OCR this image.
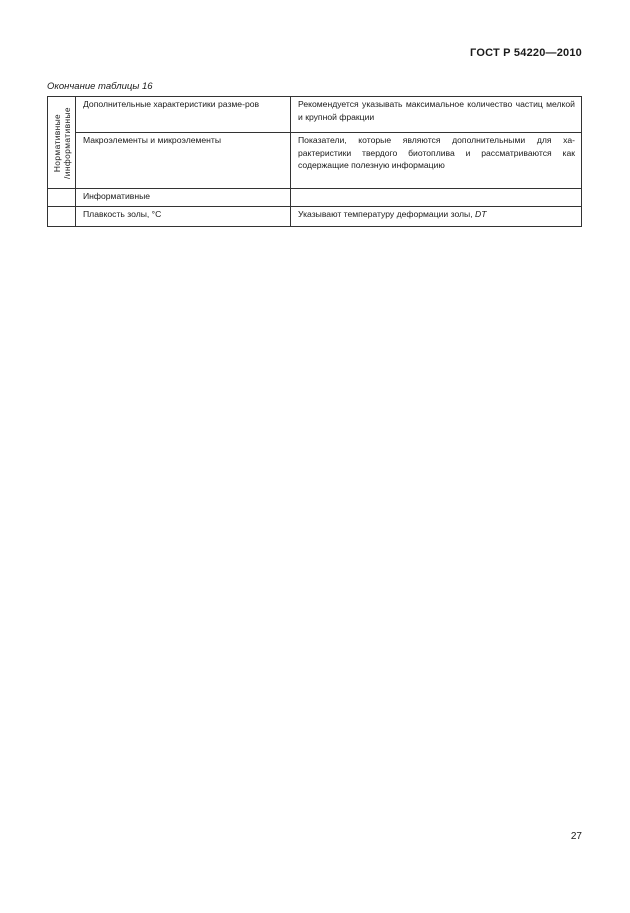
ГОСТ Р 54220—2010
Окончание таблицы 16
Нормативные /информативные	Дополнительные характеристики разме-ров	Рекомендуется указывать максимальное количество частиц мелкой и крупной фракции
	Макроэлементы и микроэлементы	Показатели, которые являются дополнительными для ха-рактеристики твердого биотоплива и рассматриваются как содержащие полезную информацию
	Информативные	
	Плавкость золы, °C	Указывают температуру деформации золы, DT
27
